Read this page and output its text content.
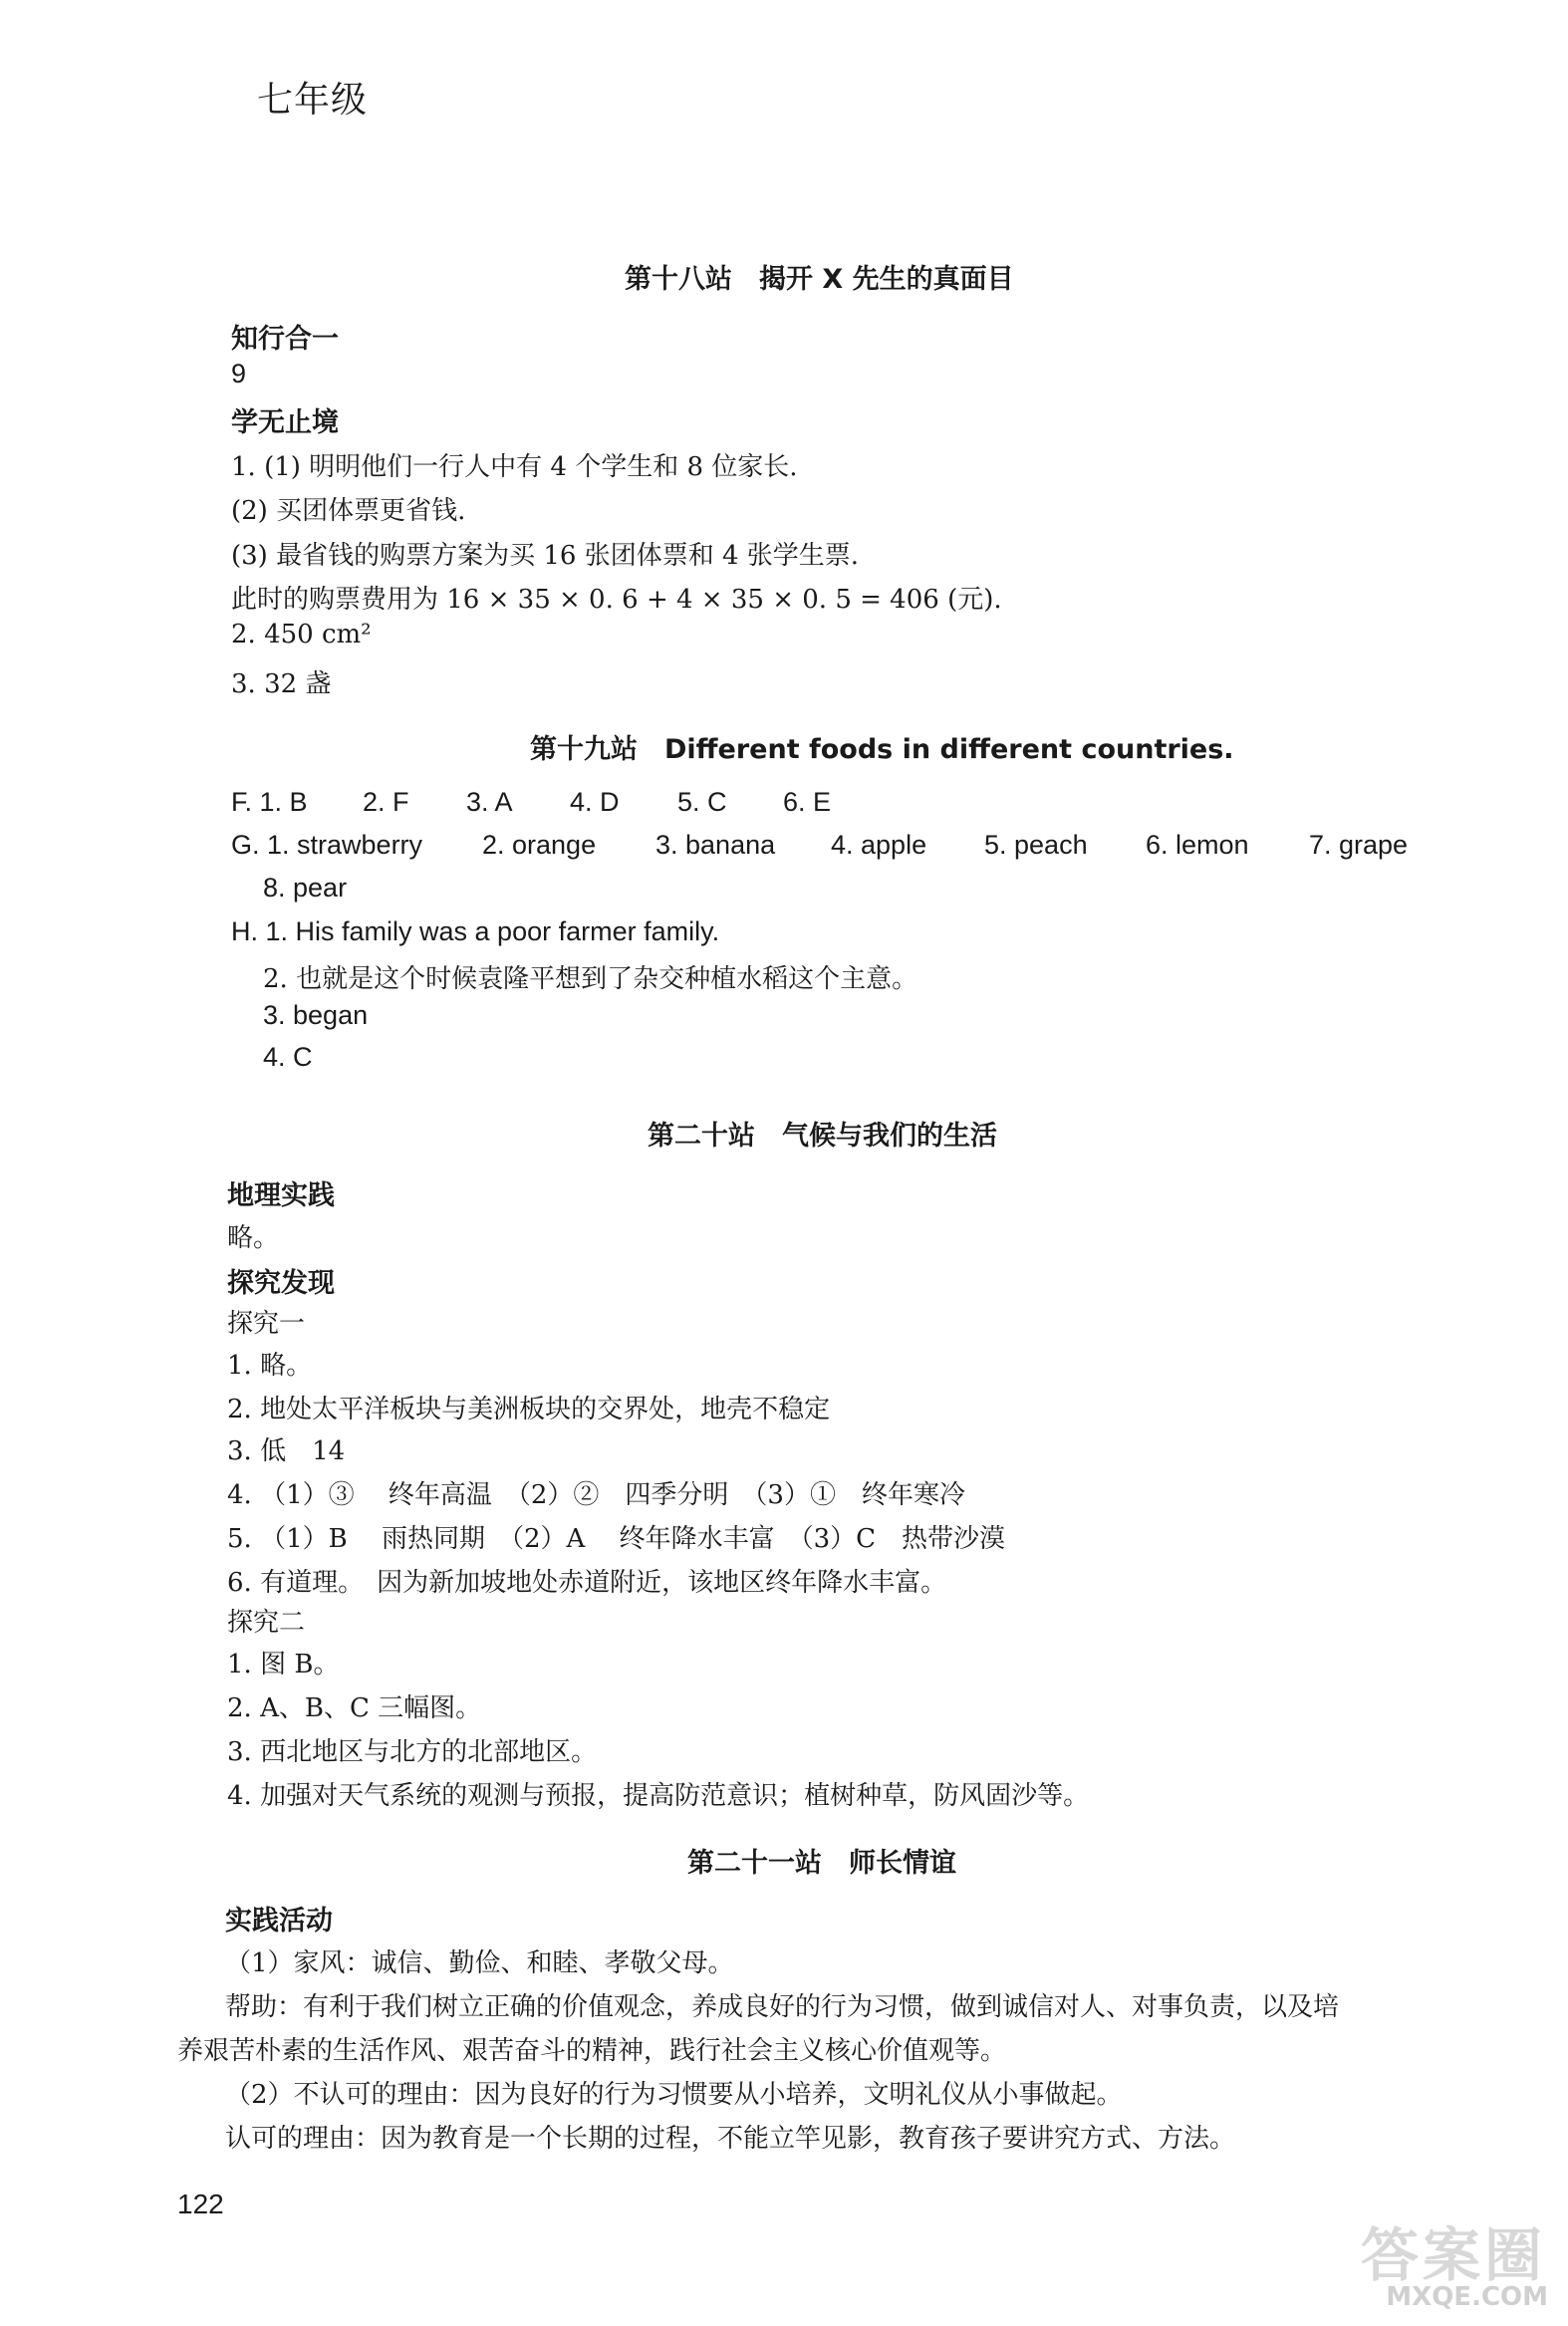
七年级
第十八站　揭开 X 先生的真面目
知行合一
9
学无止境
1. (1) 明明他们一行人中有 4 个学生和 8 位家长.
(2) 买团体票更省钱.
(3) 最省钱的购票方案为买 16 张团体票和 4 张学生票.
此时的购票费用为 16 × 35 × 0. 6 + 4 × 35 × 0. 5 = 406 (元).
2. 450 cm²
3. 32 盏
第十九站　Different foods in different countries.
F. 1. B 2. F 3. A 4. D 5. C 6. E
G. 1. strawberry 2. orange 3. banana 4. apple 5. peach 6. lemon 7. grape
8. pear
H. 1. His family was a poor farmer family.
2. 也就是这个时候袁隆平想到了杂交种植水稻这个主意。
3. began
4. C
第二十站　气候与我们的生活
地理实践
略。
探究发现
探究一
1. 略。
2. 地处太平洋板块与美洲板块的交界处，地壳不稳定
3. 低　14
4. （1）③　 终年高温　（2）②　四季分明　（3）①　终年寒冷
5. （1）B　 雨热同期　（2）A　 终年降水丰富　（3）C　热带沙漠
6. 有道理。　因为新加坡地处赤道附近，该地区终年降水丰富。
探究二
1. 图 B。
2. A、B、C 三幅图。
3. 西北地区与北方的北部地区。
4. 加强对天气系统的观测与预报，提高防范意识；植树种草，防风固沙等。
第二十一站　师长情谊
实践活动
（1）家风：诚信、勤俭、和睦、孝敬父母。
帮助：有利于我们树立正确的价值观念，养成良好的行为习惯，做到诚信对人、对事负责，以及培
养艰苦朴素的生活作风、艰苦奋斗的精神，践行社会主义核心价值观等。
（2）不认可的理由：因为良好的行为习惯要从小培养，文明礼仪从小事做起。
认可的理由：因为教育是一个长期的过程，不能立竿见影，教育孩子要讲究方式、方法。
122
答案圈
MXQE.COM
